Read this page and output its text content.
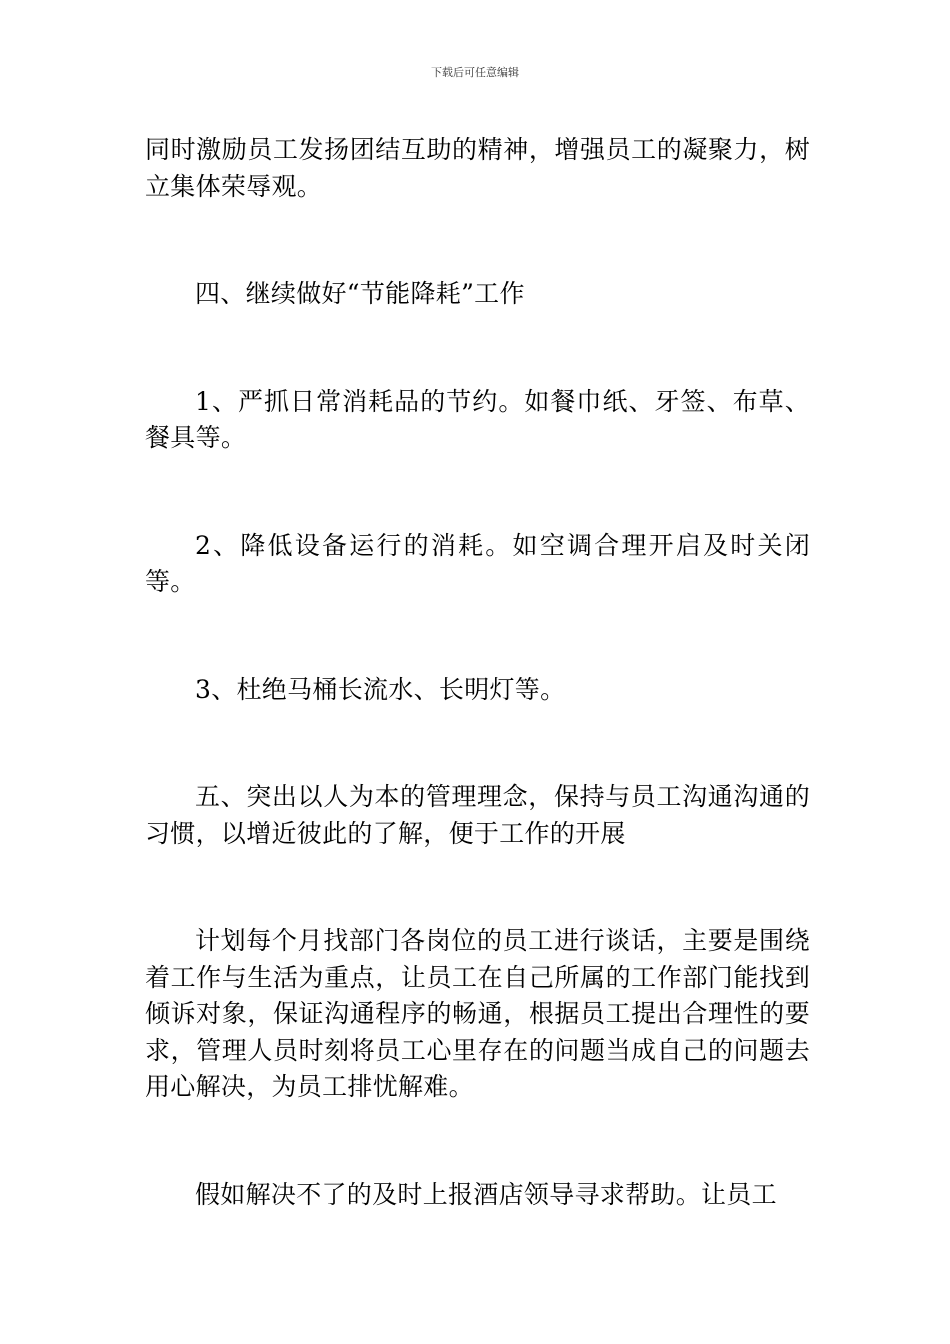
下载后可任意编辑

同时激励员工发扬团结互助的精神，增强员工的凝聚力，树立集体荣辱观。

四、继续做好“节能降耗”工作

1、严抓日常消耗品的节约。如餐巾纸、牙签、布草、餐具等。

2、降低设备运行的消耗。如空调合理开启及时关闭等。

3、杜绝马桶长流水、长明灯等。

五、突出以人为本的管理理念，保持与员工沟通沟通的习惯，以增近彼此的了解，便于工作的开展

计划每个月找部门各岗位的员工进行谈话，主要是围绕着工作与生活为重点，让员工在自己所属的工作部门能找到倾诉对象，保证沟通程序的畅通，根据员工提出合理性的要求，管理人员时刻将员工心里存在的问题当成自己的问题去用心解决，为员工排忧解难。

假如解决不了的及时上报酒店领导寻求帮助。让员工
